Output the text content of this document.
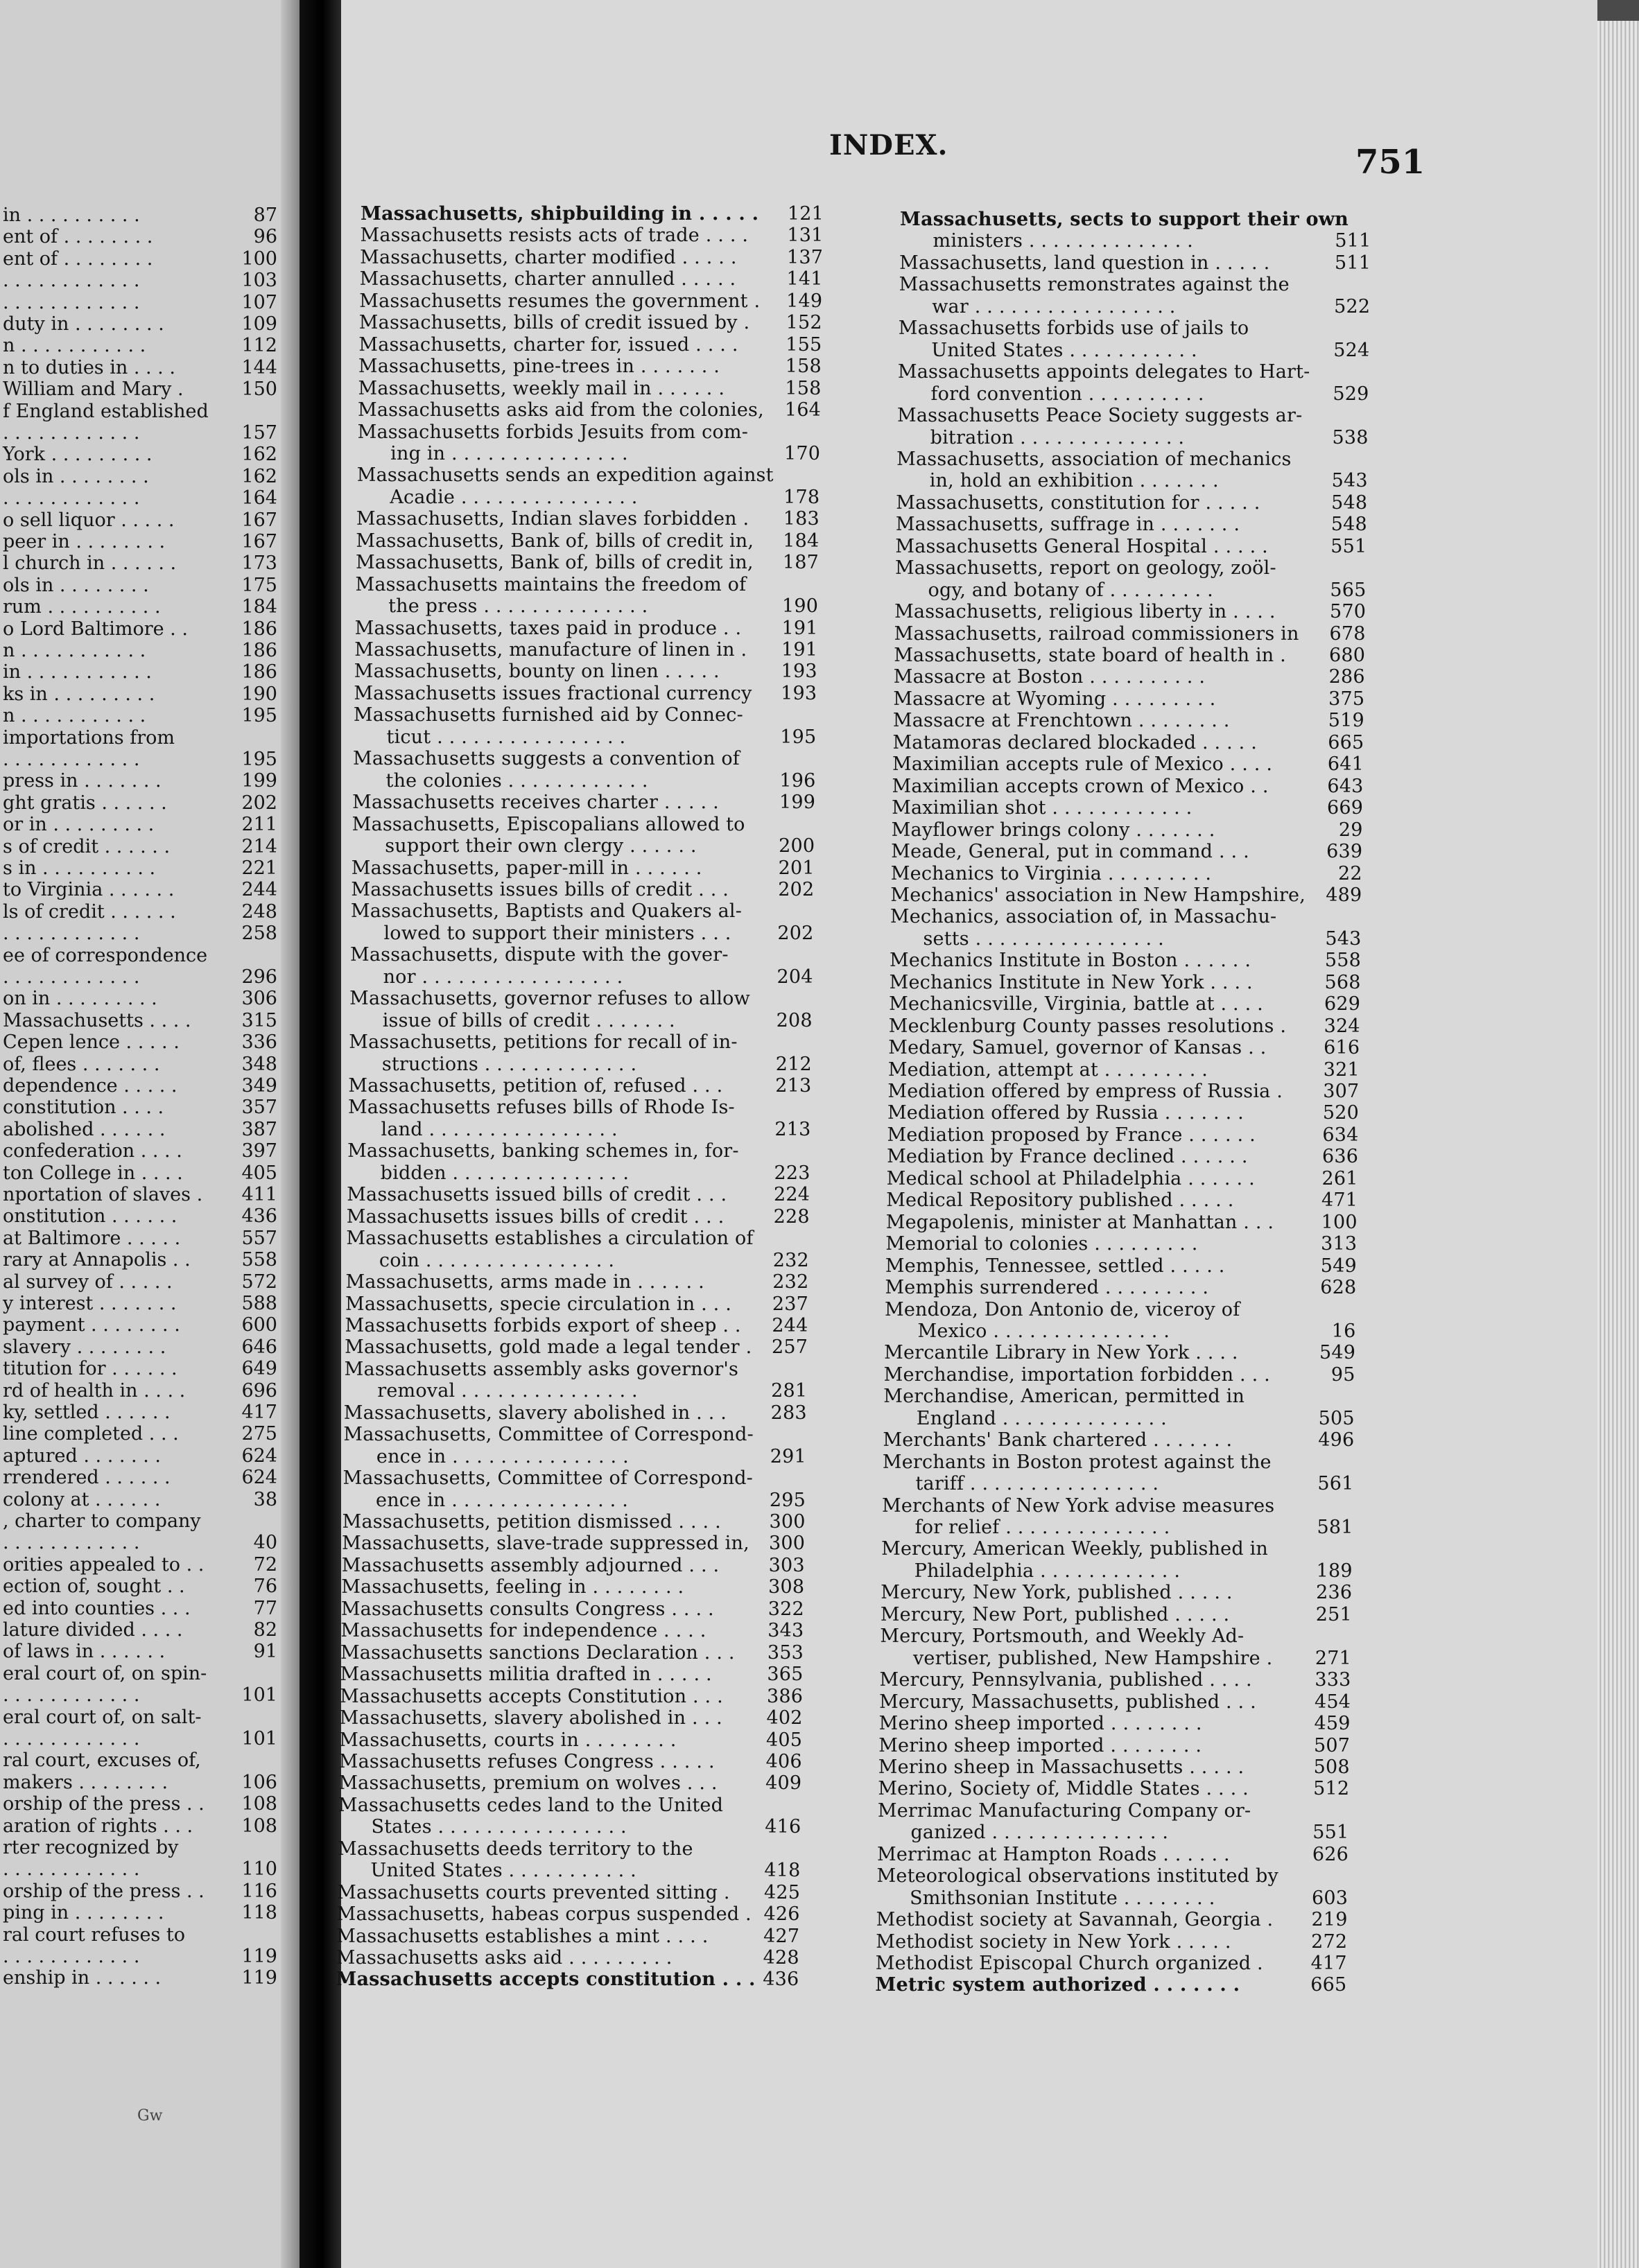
in . . . . . . . . . .	87
ent of . . . . . . . .	96
ent of . . . . . . . .	100
. . . . . . . . . . . .	103
. . . . . . . . . . . .	107
duty in . . . . . . . .	109
n . . . . . . . . . . .	112
n to duties in . . . .	144
William and Mary .	150
f England established
. . . . . . . . . . . .	157
York . . . . . . . . .	162
ols in . . . . . . . .	162
. . . . . . . . . . . .	164
o sell liquor . . . . .	167
peer in . . . . . . . .	167
l church in . . . . . .	173
ols in . . . . . . . .	175
rum . . . . . . . . . .	184
o Lord Baltimore . .	186
n . . . . . . . . . . .	186
in . . . . . . . . . . .	186
ks in . . . . . . . . .	190
n . . . . . . . . . . .	195
importations from
. . . . . . . . . . . .	195
press in . . . . . . .	199
ght gratis . . . . . .	202
or in . . . . . . . . .	211
s of credit . . . . . .	214
s in . . . . . . . . . .	221
to Virginia . . . . . .	244
ls of credit . . . . . .	248
. . . . . . . . . . . .	258
ee of correspondence
. . . . . . . . . . . .	296
on in . . . . . . . . .	306
Massachusetts . . . .	315
Cepen lence . . . . .	336
of, flees . . . . . . .	348
dependence . . . . .	349
constitution . . . .	357
abolished . . . . . .	387
confederation . . . .	397
ton College in . . . .	405
nportation of slaves . 411
onstitution . . . . . .	436
at Baltimore . . . . .	557
rary at Annapolis . .	558
al survey of . . . . .	572
y interest . . . . . . .	588
payment . . . . . . . .	600
slavery . . . . . . . .	646
titution for . . . . . .	649
rd of health in . . . .	696
ky, settled . . . . . .	417
line completed . . .	275
aptured . . . . . . .	624
rrendered . . . . . .	624
colony at . . . . . .	38
, charter to company
. . . . . . . . . . . .	40
orities appealed to . .	72
ection of, sought . .	76
ed into counties . . .	77
lature divided . . . .	82
of laws in . . . . . .	91
eral court of, on spin-
. . . . . . . . . . . .	101
eral court of, on salt-
. . . . . . . . . . . .	101
ral court, excuses of,
makers . . . . . . . .	106
orship of the press . . 108
aration of rights . . .	108
rter recognized by
. . . . . . . . . . . .	110
orship of the press . . 116
ping in . . . . . . . .	118
ral court refuses to
. . . . . . . . . . . .	119
enship in . . . . . .	119
Gw
INDEX.	751
Massachusetts, shipbuilding in . . . . . 121
Massachusetts resists acts of trade . . . . 131
Massachusetts, charter modified . . . . .	137
Massachusetts, charter annulled . . . . .	141
Massachusetts resumes the government . 149
Massachusetts, bills of credit issued by . 152
Massachusetts, charter for, issued . . . .	155
Massachusetts, pine-trees in . . . . . . .	158
Massachusetts, weekly mail in . . . . . .	158
Massachusetts asks aid from the colonies, 164
Massachusetts forbids Jesuits from com-
ing in . . . . . . . . . . . . . . .	170
Massachusetts sends an expedition against
Acadie . . . . . . . . . . . . . . .	178
Massachusetts, Indian slaves forbidden . 183
Massachusetts, Bank of, bills of credit in, 184
Massachusetts, Bank of, bills of credit in, 187
Massachusetts maintains the freedom of
the press . . . . . . . . . . . . . .	190
Massachusetts, taxes paid in produce . . 191
Massachusetts, manufacture of linen in . 191
Massachusetts, bounty on linen . . . . .	193
Massachusetts issues fractional currency 193
Massachusetts furnished aid by Connec-
ticut . . . . . . . . . . . . . . . .	195
Massachusetts suggests a convention of
the colonies . . . . . . . . . . . .	196
Massachusetts receives charter . . . . .	199
Massachusetts, Episcopalians allowed to
support their own clergy . . . . . .	200
Massachusetts, paper-mill in . . . . . .	201
Massachusetts issues bills of credit . . .	202
Massachusetts, Baptists and Quakers al-
lowed to support their ministers . . . 202
Massachusetts, dispute with the gover-
nor . . . . . . . . . . . . . . . . .	204
Massachusetts, governor refuses to allow
issue of bills of credit . . . . . . .	208
Massachusetts, petitions for recall of in-
structions . . . . . . . . . . . . .	212
Massachusetts, petition of, refused . . .	213
Massachusetts refuses bills of Rhode Is-
land . . . . . . . . . . . . . . . .	213
Massachusetts, banking schemes in, for-
bidden . . . . . . . . . . . . . . .	223
Massachusetts issued bills of credit . . .	224
Massachusetts issues bills of credit . . .	228
Massachusetts establishes a circulation of
coin . . . . . . . . . . . . . . . .	232
Massachusetts, arms made in . . . . . .	232
Massachusetts, specie circulation in . . . 237
Massachusetts forbids export of sheep . . 244
Massachusetts, gold made a legal tender . 257
Massachusetts assembly asks governor's
removal . . . . . . . . . . . . . . .	281
Massachusetts, slavery abolished in . . . 283
Massachusetts, Committee of Correspond-
ence in . . . . . . . . . . . . . . .	291
Massachusetts, Committee of Correspond-
ence in . . . . . . . . . . . . . . .	295
Massachusetts, petition dismissed . . . .	300
Massachusetts, slave-trade suppressed in, 300
Massachusetts assembly adjourned . . .	303
Massachusetts, feeling in . . . . . . . .	308
Massachusetts consults Congress . . . .	322
Massachusetts for independence . . . .	343
Massachusetts sanctions Declaration . . . 353
Massachusetts militia drafted in . . . . .	365
Massachusetts accepts Constitution . . . 386
Massachusetts, slavery abolished in . . . 402
Massachusetts, courts in . . . . . . . .	405
Massachusetts refuses Congress . . . . .	406
Massachusetts, premium on wolves . . .	409
Massachusetts cedes land to the United
States . . . . . . . . . . . . . . . .	416
Massachusetts deeds territory to the
United States . . . . . . . . . . .	418
Massachusetts courts prevented sitting . 425
Massachusetts, habeas corpus suspended . 426
Massachusetts establishes a mint . . . .	427
Massachusetts asks aid . . . . . . . . .	428
Massachusetts accepts constitution . . . 436
Massachusetts, sects to support their own
ministers . . . . . . . . . . . . . .	511
Massachusetts, land question in . . . . .	511
Massachusetts remonstrates against the
war . . . . . . . . . . . . . . . . .	522
Massachusetts forbids use of jails to
United States . . . . . . . . . . .	524
Massachusetts appoints delegates to Hart-
ford convention . . . . . . . . . .	529
Massachusetts Peace Society suggests ar-
bitration . . . . . . . . . . . . . .	538
Massachusetts, association of mechanics
in, hold an exhibition . . . . . . .	543
Massachusetts, constitution for . . . . .	548
Massachusetts, suffrage in . . . . . . .	548
Massachusetts General Hospital . . . . .	551
Massachusetts, report on geology, zoöl-
ogy, and botany of . . . . . . . . .	565
Massachusetts, religious liberty in . . . .	570
Massachusetts, railroad commissioners in 678
Massachusetts, state board of health in . 680
Massacre at Boston . . . . . . . . . .	286
Massacre at Wyoming . . . . . . . . .	375
Massacre at Frenchtown . . . . . . . .	519
Matamoras declared blockaded . . . . .	665
Maximilian accepts rule of Mexico . . . .	641
Maximilian accepts crown of Mexico . .	643
Maximilian shot . . . . . . . . . . . .	669
Mayflower brings colony . . . . . . .	29
Meade, General, put in command . . .	639
Mechanics to Virginia . . . . . . . . .	22
Mechanics' association in New Hampshire, 489
Mechanics, association of, in Massachu-
setts . . . . . . . . . . . . . . . .	543
Mechanics Institute in Boston . . . . . .	558
Mechanics Institute in New York . . . .	568
Mechanicsville, Virginia, battle at . . . .	629
Mecklenburg County passes resolutions . 324
Medary, Samuel, governor of Kansas . .	616
Mediation, attempt at . . . . . . . . .	321
Mediation offered by empress of Russia . 307
Mediation offered by Russia . . . . . . .	520
Mediation proposed by France . . . . . .	634
Mediation by France declined . . . . . .	636
Medical school at Philadelphia . . . . . .	261
Medical Repository published . . . . .	471
Megapolenis, minister at Manhattan . . .	100
Memorial to colonies . . . . . . . . .	313
Memphis, Tennessee, settled . . . . .	549
Memphis surrendered . . . . . . . . .	628
Mendoza, Don Antonio de, viceroy of
Mexico . . . . . . . . . . . . . . .	16
Mercantile Library in New York . . . .	549
Merchandise, importation forbidden . . .	95
Merchandise, American, permitted in
England . . . . . . . . . . . . . .	505
Merchants' Bank chartered . . . . . . .	496
Merchants in Boston protest against the
tariff . . . . . . . . . . . . . . . .	561
Merchants of New York advise measures
for relief . . . . . . . . . . . . . .	581
Mercury, American Weekly, published in
Philadelphia . . . . . . . . . . . .	189
Mercury, New York, published . . . . .	236
Mercury, New Port, published . . . . .	251
Mercury, Portsmouth, and Weekly Ad-
vertiser, published, New Hampshire . 271
Mercury, Pennsylvania, published . . . .	333
Mercury, Massachusetts, published . . .	454
Merino sheep imported . . . . . . . .	459
Merino sheep imported . . . . . . . .	507
Merino sheep in Massachusetts . . . . .	508
Merino, Society of, Middle States . . . .	512
Merrimac Manufacturing Company or-
ganized . . . . . . . . . . . . . . .	551
Merrimac at Hampton Roads . . . . . .	626
Meteorological observations instituted by
Smithsonian Institute . . . . . . . .	603
Methodist society at Savannah, Georgia . 219
Methodist society in New York . . . . .	272
Methodist Episcopal Church organized .	417
Metric system authorized . . . . . . .	665
